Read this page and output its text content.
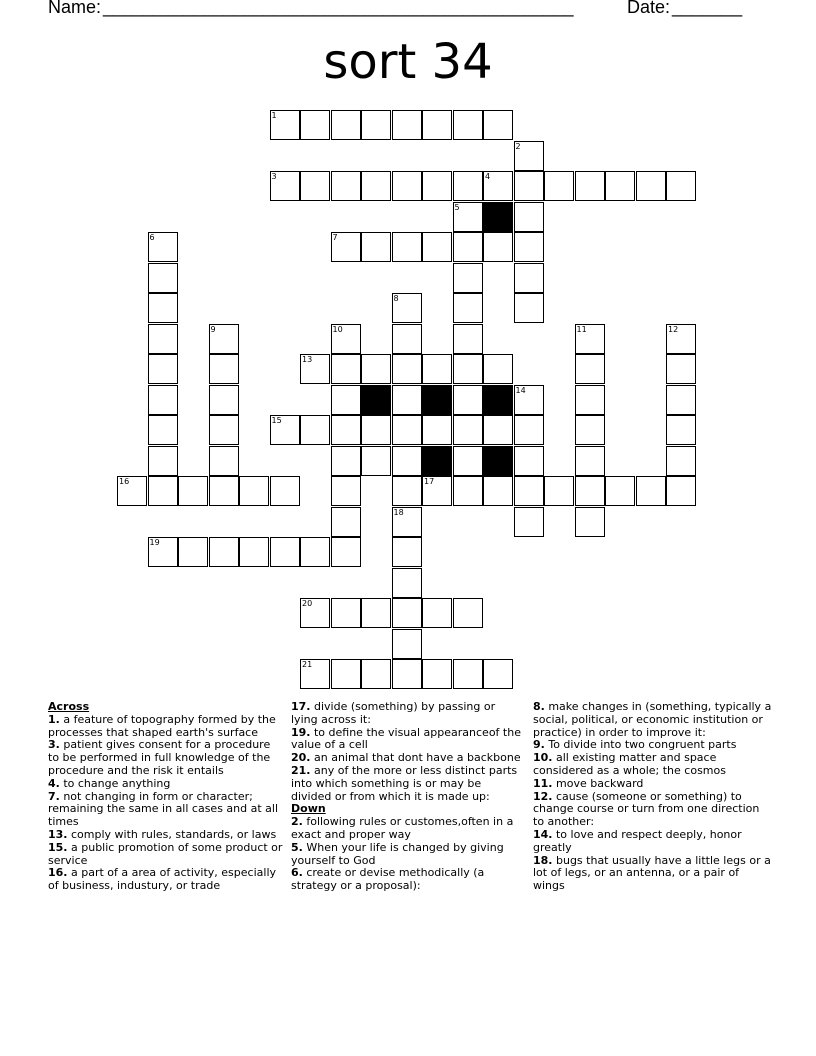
Name: _______________________________________________	Date: _______
sort 34
1
2
3	4
5
6	7
8
18
9	10	11	12
13
14
15
16	17
19
20
21
Across
1. a feature of topography formed by the processes that shaped earth's surface
3. patient gives consent for a procedure to be performed in full knowledge of the procedure and the risk it entails
4. to change anything
7. not changing in form or character; remaining the same in all cases and at all times
13. comply with rules, standards, or laws
15. a public promotion of some product or service
16. a part of a area of activity, especially of business, industury, or trade
17. divide (something) by passing or lying across it:
19. to define the visual appearanceof the value of a cell
20. an animal that dont have a backbone
21. any of the more or less distinct parts into which something is or may be divided or from which it is made up:
Down
2. following rules or customes,often in a exact and proper way
5. When your life is changed by giving yourself to God
6. create or devise methodically (a strategy or a proposal):
8. make changes in (something, typically a social, political, or economic institution or practice) in order to improve it:
9. To divide into two congruent parts
10. all existing matter and space considered as a whole; the cosmos
11. move backward
12. cause (someone or something) to change course or turn from one direction to another:
14. to love and respect deeply, honor greatly
18. bugs that usually have a little legs or a lot of legs, or an antenna, or a pair of wings
